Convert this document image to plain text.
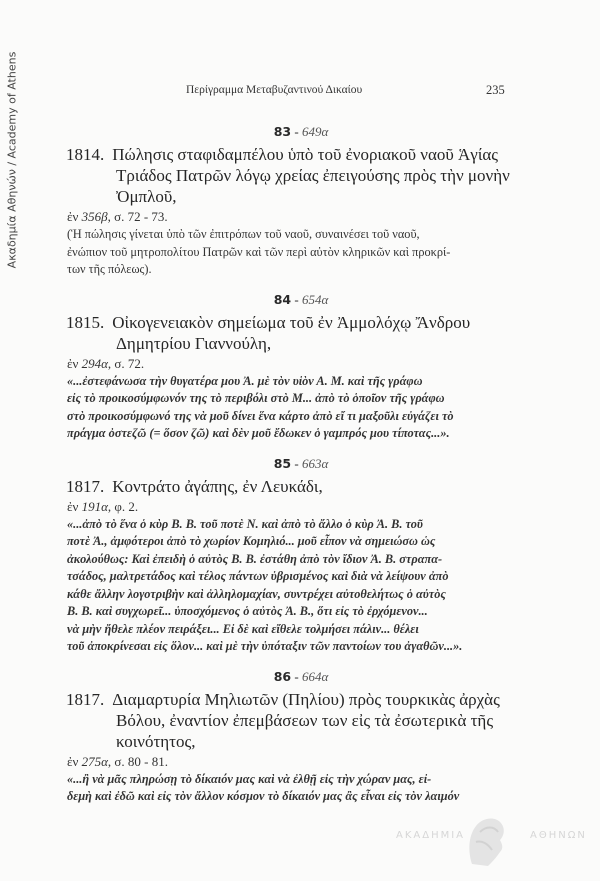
Ακαδημία Αθηνών / Academy of Athens	Περίγραμμα Μεταβυζαντινού Δικαίου	235
83 - 649α
1814. Πώλησις σταφιδαμπέλου ὑπὸ τοῦ ἐνοριακοῦ ναοῦ Ἁγίας
Τριάδος Πατρῶν λόγῳ χρείας ἐπειγούσης πρὸς τὴν μονὴν
Ὀμπλοῦ,
ἐν 356β, σ. 72 - 73.
(Ἡ πώλησις γίνεται ὑπὸ τῶν ἐπιτρόπων τοῦ ναοῦ, συναινέσει τοῦ ναοῦ,
ἐνώπιον τοῦ μητροπολίτου Πατρῶν καὶ τῶν περὶ αὐτὸν κληρικῶν καὶ προκρί-
των τῆς πόλεως).
84 - 654α
1815. Οἰκογενειακὸν σημείωμα τοῦ ἐν Ἀμμολόχῳ Ἄνδρου
Δημητρίου Γιαννούλη,
ἐν 294α, σ. 72.
«...ἐστεφάνωσα τὴν θυγατέρα μου Ἀ. μὲ τὸν υἱὸν Α. Μ. καὶ τῆς γράφω
εἰς τὸ προικοσύμφωνόν της τὸ περιβόλι στὸ Μ... ἀπὸ τὸ ὁποῖον τῆς γράφω
στὸ προικοσύμφωνό της νὰ μοῦ δίνει ἕνα κάρτο ἀπὸ εἴ τι μαξοῦλι εὐγάζει τὸ
πράγμα ὀστεζῶ (= ὅσον ζῶ) καὶ δὲν μοῦ ἔδωκεν ὁ γαμπρός μου τίποτας...».
85 - 663α
1817. Κοντράτο ἀγάπης, ἐν Λευκάδι,
ἐν 191α, φ. 2.
«...ἀπὸ τὸ ἕνα ὁ κὺρ Β. Β. τοῦ ποτὲ Ν. καὶ ἀπὸ τὸ ἄλλο ὁ κὺρ Ἀ. Β. τοῦ
ποτὲ Ἀ., ἀμφότεροι ἀπὸ τὸ χωρίον Κομηλιό... μοῦ εἶπον νὰ σημειώσω ὡς
ἀκολούθως: Καὶ ἐπειδὴ ὁ αὐτὸς Β. Β. ἐστάθη ἀπὸ τὸν ἴδιον Ἀ. Β. στραπα-
τσάδος, μαλτρετάδος καὶ τέλος πάντων ὑβρισμένος καὶ διὰ νὰ λείψουν ἀπὸ
κάθε ἄλλην λογοτριβὴν καὶ ἀλληλομαχίαν, συντρέχει αὐτοθελήτως ὁ αὐτὸς
Β. Β. καὶ συγχωρεῖ... ὑποσχόμενος ὁ αὐτὸς Ἀ. Β., ὅτι εἰς τὸ ἐρχόμενον...
νὰ μὴν ἤθελε πλέον πειράξει... Εἰ δὲ καὶ εἴθελε τολμήσει πάλιν... θέλει
τοῦ ἀποκρίνεσαι εἰς ὅλον... καὶ μὲ τὴν ὑπόταξιν τῶν παντοίων του ἀγαθῶν...».
86 - 664α
1817. Διαμαρτυρία Μηλιωτῶν (Πηλίου) πρὸς τουρκικὰς ἀρχὰς
Βόλου, ἐναντίον ἐπεμβάσεων των εἰς τὰ ἐσωτερικὰ τῆς
κοινότητος,
ἐν 275α, σ. 80 - 81.
«...ἢ νὰ μᾶς πληρώσῃ τὸ δίκαιόν μας καὶ νὰ ἐλθῇ εἰς τὴν χώραν μας, εἰ-
δεμὴ καὶ ἐδῶ καὶ εἰς τὸν ἄλλον κόσμον τὸ δίκαιόν μας ἂς εἶναι εἰς τὸν λαιμόν
ΑΚΑΔΗΜΙΑ	ΑΘΗΝΩΝ
